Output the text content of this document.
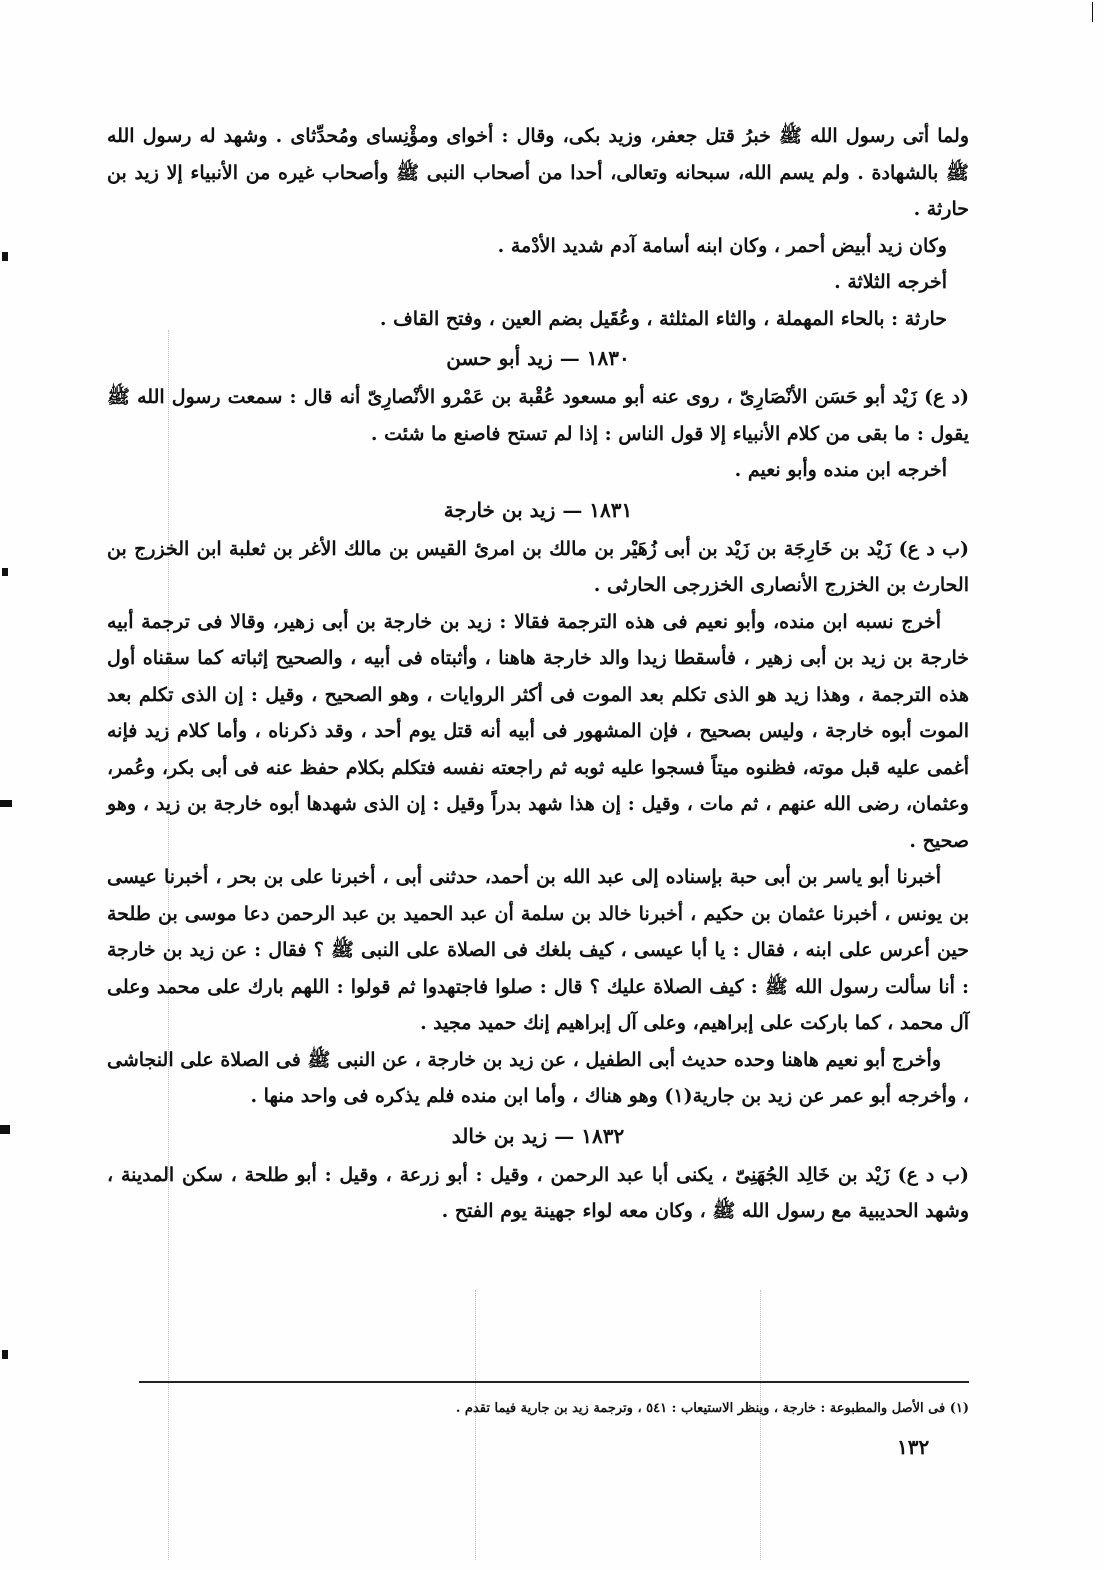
ولما أتى رسول الله ﷺ خبرُ قتل جعفر، وزيد بكى، وقال : أخواى ومؤْنِساى ومُحدِّثاى . وشهد له رسول الله ﷺ بالشهادة . ولم يسم الله، سبحانه وتعالى، أحدا من أصحاب النبى ﷺ وأصحاب غيره من الأنبياء إلا زيد بن حارثة .

وكان زيد أبيض أحمر ، وكان ابنه أسامة آدم شديد الأدْمة .

أخرجه الثلاثة .

حارثة : بالحاء المهملة ، والثاء المثلثة ، وعُقَيل بضم العين ، وفتح القاف .

١٨٣٠ — زيد أبو حسن

(د ع) زَيْد أبو حَسَن الأنْصَارِىّ ، روى عنه أبو مسعود عُقْبة بن عَمْرو الأنْصارِىّ أنه قال : سمعت رسول الله ﷺ يقول : ما بقى من كلام الأنبياء إلا قول الناس : إذا لم تستح فاصنع ما شئت .

أخرجه ابن منده وأبو نعيم .

١٨٣١ — زيد بن خارجة

(ب د ع) زَيْد بن خَارِجَة بن زَيْد بن أبى زُهَيْر بن مالك بن امرئ القيس بن مالك الأغر بن ثعلبة ابن الخزرج بن الحارث بن الخزرج الأنصارى الخزرجى الحارثى .

أخرج نسبه ابن منده، وأبو نعيم فى هذه الترجمة فقالا : زيد بن خارجة بن أبى زهير، وقالا فى ترجمة أبيه خارجة بن زيد بن أبى زهير ، فأسقطا زيدا والد خارجة هاهنا ، وأثبتاه فى أبيه ، والصحيح إثباته كما سقناه أول هذه الترجمة ، وهذا زيد هو الذى تكلم بعد الموت فى أكثر الروايات ، وهو الصحيح ، وقيل : إن الذى تكلم بعد الموت أبوه خارجة ، وليس بصحيح ، فإن المشهور فى أبيه أنه قتل يوم أحد ، وقد ذكرناه ، وأما كلام زيد فإنه أغمى عليه قبل موته، فظنوه ميتاً فسجوا عليه ثوبه ثم راجعته نفسه فتكلم بكلام حفظ عنه فى أبى بكر، وعُمر، وعثمان، رضى الله عنهم ، ثم مات ، وقيل : إن هذا شهد بدراً وقيل : إن الذى شهدها أبوه خارجة بن زيد ، وهو صحيح .

أخبرنا أبو ياسر بن أبى حبة بإسناده إلى عبد الله بن أحمد، حدثنى أبى ، أخبرنا على بن بحر ، أخبرنا عيسى بن يونس ، أخبرنا عثمان بن حكيم ، أخبرنا خالد بن سلمة أن عبد الحميد بن عبد الرحمن دعا موسى بن طلحة حين أعرس على ابنه ، فقال : يا أبا عيسى ، كيف بلغك فى الصلاة على النبى ﷺ ؟ فقال : عن زيد بن خارجة : أنا سألت رسول الله ﷺ : كيف الصلاة عليك ؟ قال : صلوا فاجتهدوا ثم قولوا : اللهم بارك على محمد وعلى آل محمد ، كما باركت على إبراهيم، وعلى آل إبراهيم إنك حميد مجيد .

وأخرج أبو نعيم هاهنا وحده حديث أبى الطفيل ، عن زيد بن خارجة ، عن النبى ﷺ فى الصلاة على النجاشى ، وأخرجه أبو عمر عن زيد بن جارية(١) وهو هناك ، وأما ابن منده فلم يذكره فى واحد منها .

١٨٣٢ — زيد بن خالد

(ب د ع) زَيْد بن خَالِد الجُهَنِىّ ، يكنى أبا عبد الرحمن ، وقيل : أبو زرعة ، وقيل : أبو طلحة ، سكن المدينة ، وشهد الحديبية مع رسول الله ﷺ ، وكان معه لواء جهينة يوم الفتح .

(١) فى الأصل والمطبوعة : خارجة ، وينظر الاستيعاب : ٥٤١ ، وترجمة زيد بن جارية فيما تقدم .
١٣٢
